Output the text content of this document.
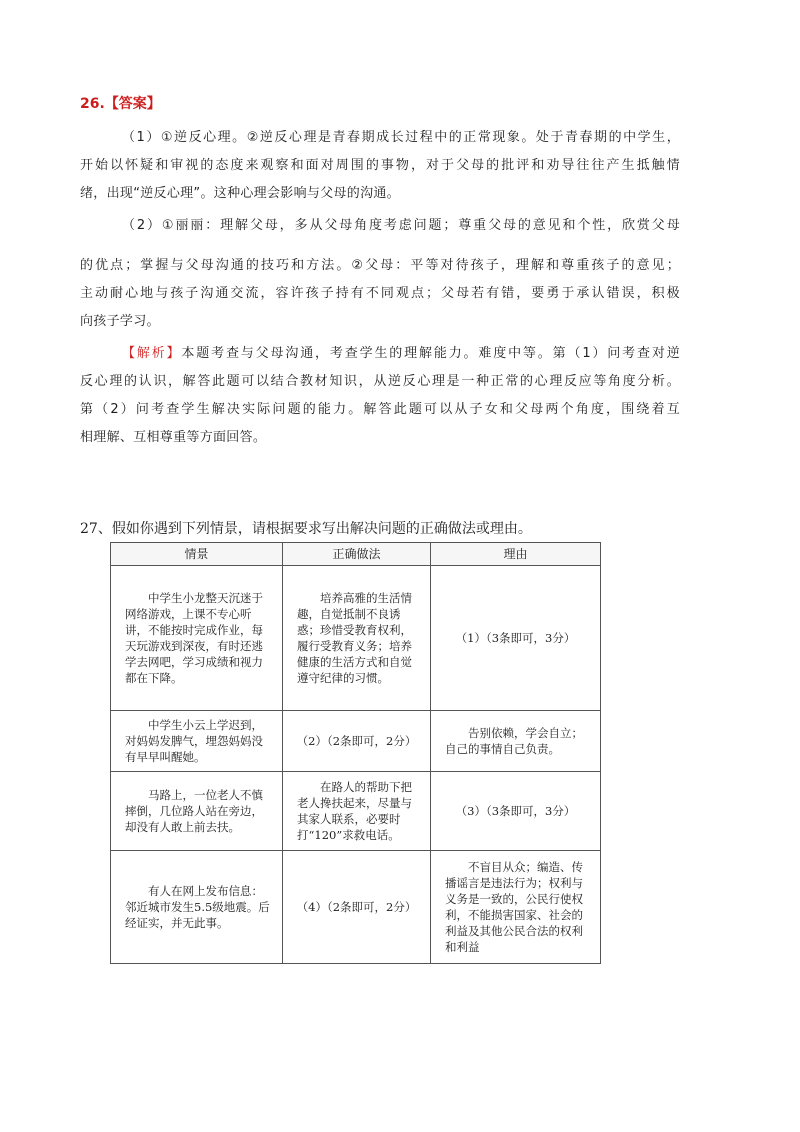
26.【答案】
（1）①逆反心理。②逆反心理是青春期成长过程中的正常现象。处于青春期的中学生，
开始以怀疑和审视的态度来观察和面对周围的事物，对于父母的批评和劝导往往产生抵触情
绪，出现“逆反心理”。这种心理会影响与父母的沟通。
（2）①丽丽：理解父母，多从父母角度考虑问题；尊重父母的意见和个性，欣赏父母
的优点；掌握与父母沟通的技巧和方法。②父母：平等对待孩子，理解和尊重孩子的意见；
主动耐心地与孩子沟通交流，容许孩子持有不同观点；父母若有错，要勇于承认错误，积极
向孩子学习。
【解析】本题考查与父母沟通，考查学生的理解能力。难度中等。第（1）问考查对逆
反心理的认识，解答此题可以结合教材知识，从逆反心理是一种正常的心理反应等角度分析。
第（2）问考查学生解决实际问题的能力。解答此题可以从子女和父母两个角度，围绕着互
相理解、互相尊重等方面回答。
27、假如你遇到下列情景，请根据要求写出解决问题的正确做法或理由。
情景	正确做法	理由
中学生小龙整天沉迷于网络游戏，上课不专心听讲，不能按时完成作业，每天玩游戏到深夜，有时还逃学去网吧，学习成绩和视力都在下降。	培养高雅的生活情趣，自觉抵制不良诱惑；珍惜受教育权利，履行受教育义务；培养健康的生活方式和自觉遵守纪律的习惯。	（1）（3条即可，3分）
中学生小云上学迟到，对妈妈发脾气，埋怨妈妈没有早早叫醒她。	（2）（2条即可，2分）	告别依赖，学会自立；自己的事情自己负责。
马路上，一位老人不慎摔倒，几位路人站在旁边，却没有人敢上前去扶。	在路人的帮助下把老人搀扶起来，尽量与其家人联系，必要时打“120”求救电话。	（3）（3条即可，3分）
有人在网上发布信息：邻近城市发生5.5级地震。后经证实，并无此事。	（4）（2条即可，2分）	不盲目从众；编造、传播谣言是违法行为；权利与义务是一致的，公民行使权利，不能损害国家、社会的利益及其他公民合法的权利和利益
